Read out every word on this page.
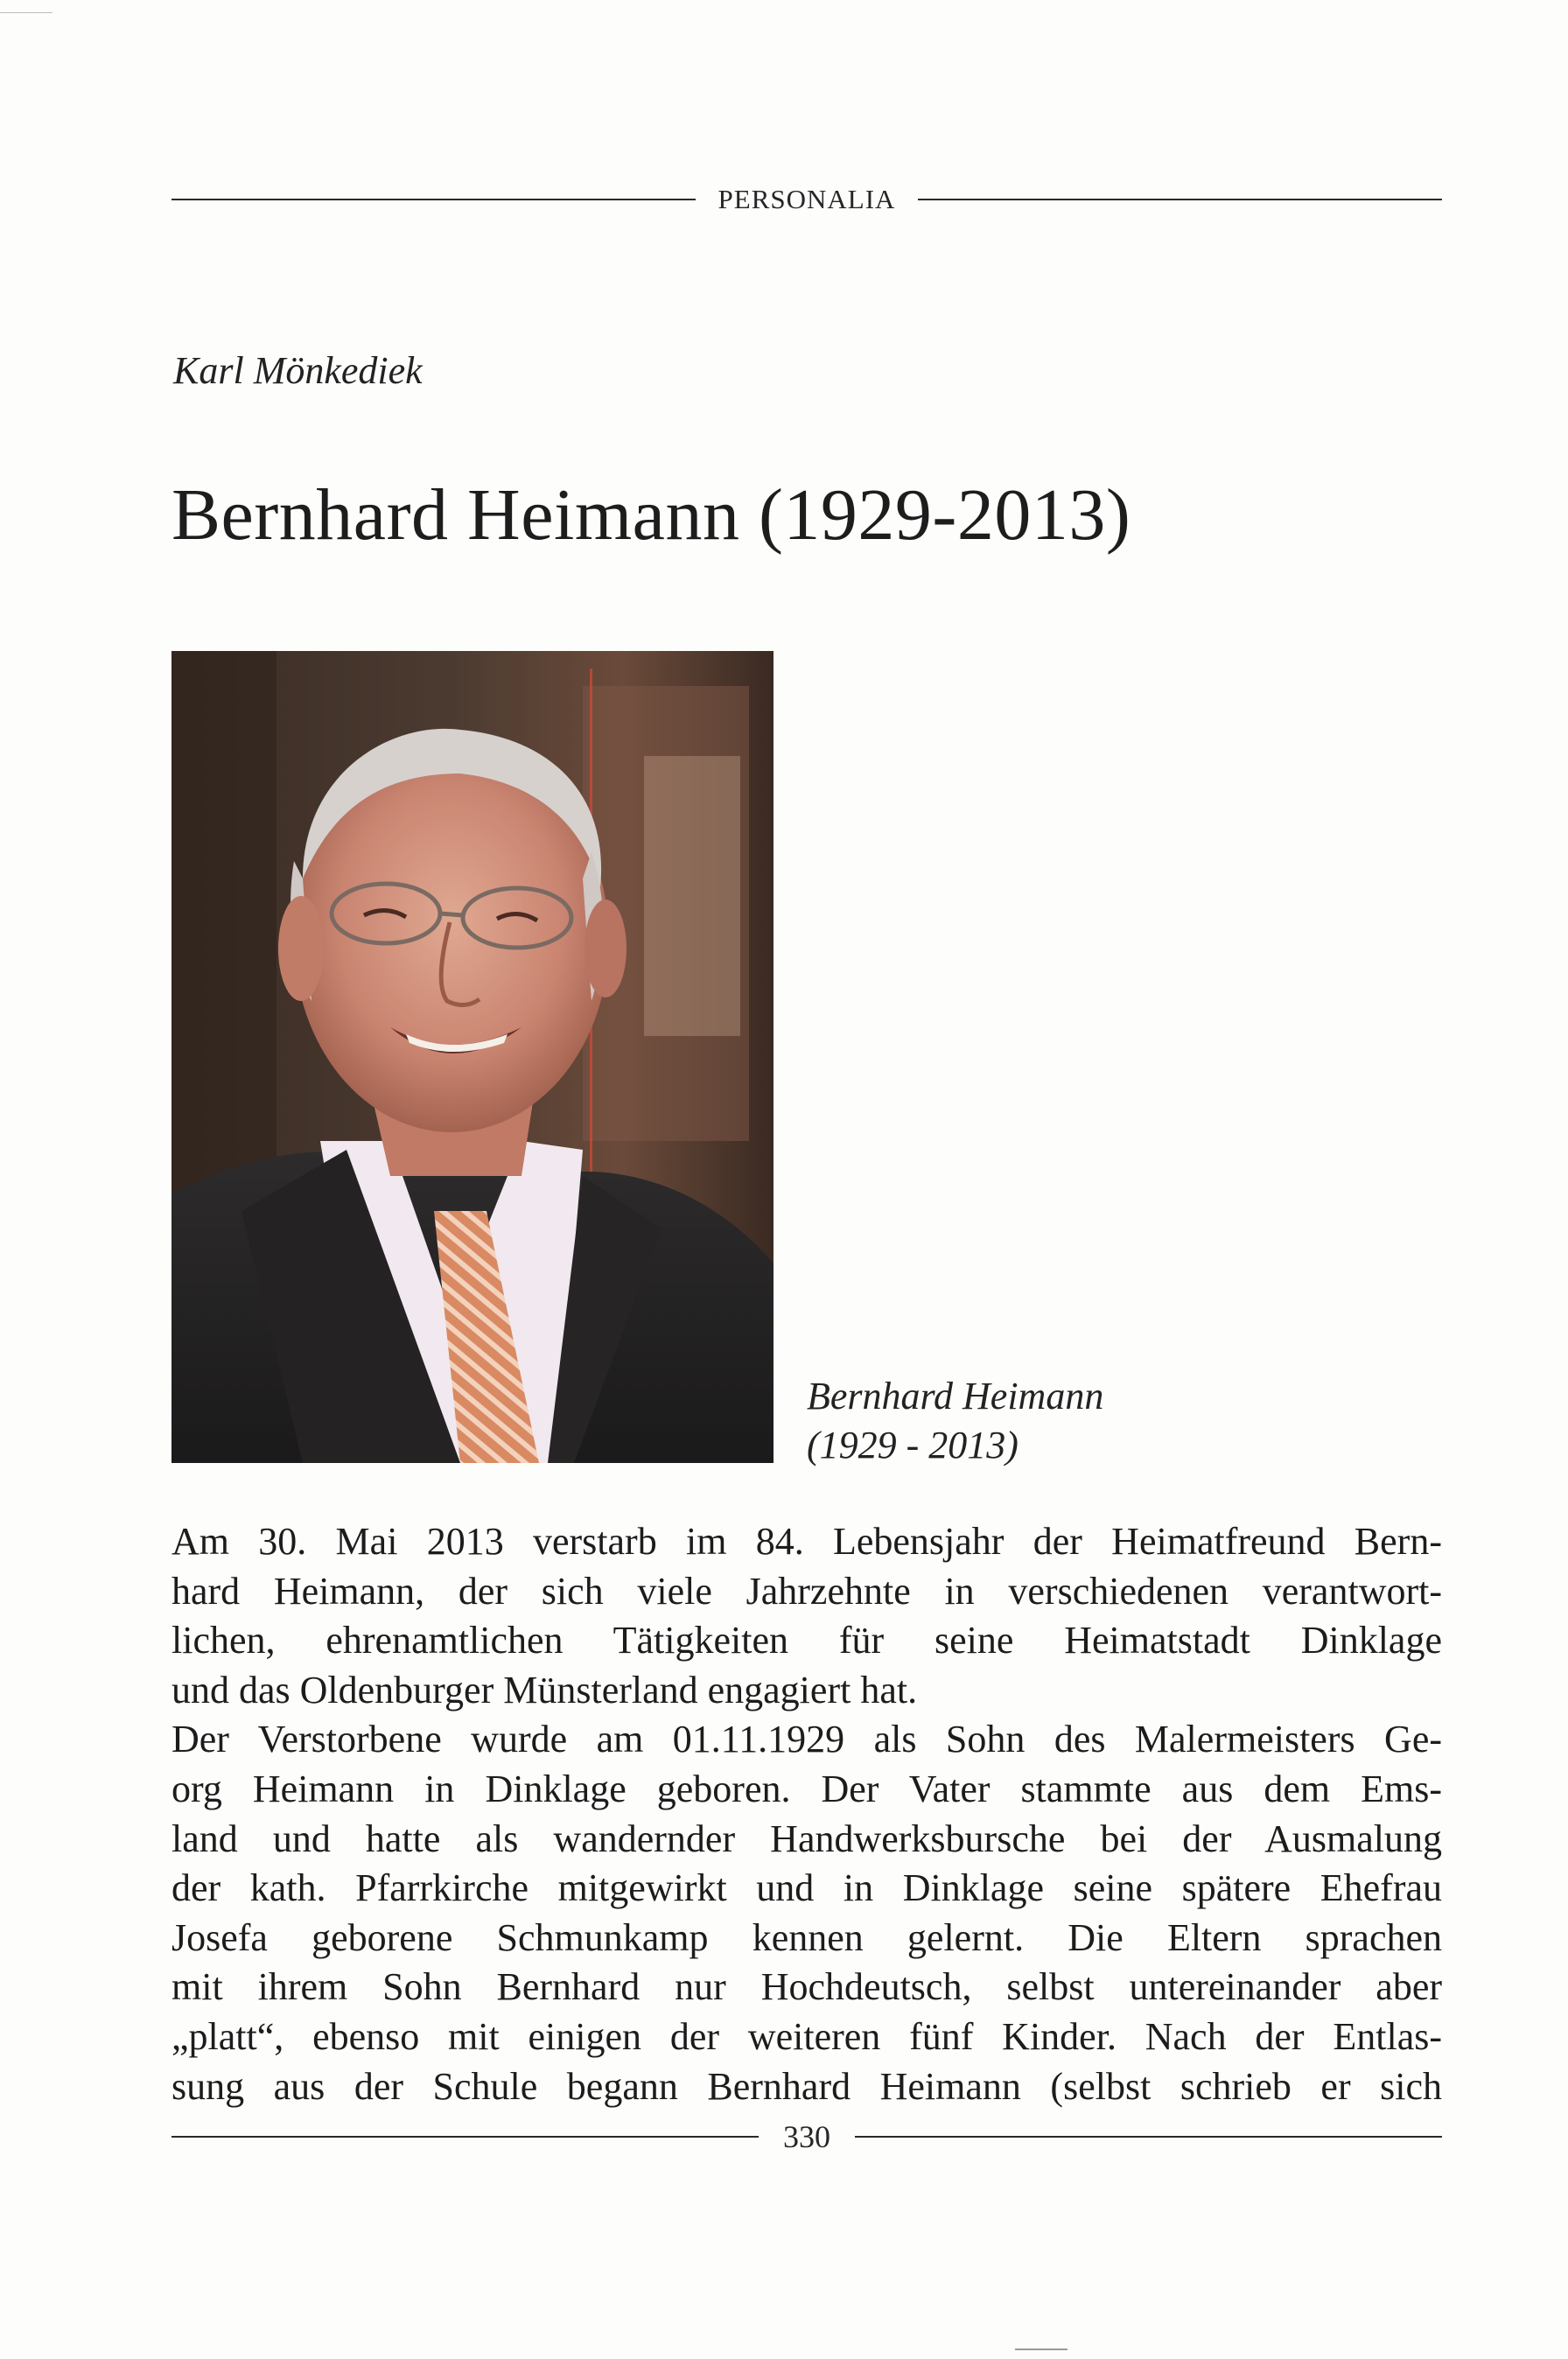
PERSONALIA
Karl Mönkediek
Bernhard Heimann (1929-2013)
Bernhard Heimann
(1929 - 2013)
Am 30. Mai 2013 verstarb im 84. Lebensjahr der Heimatfreund Bern-
hard Heimann, der sich viele Jahrzehnte in verschiedenen verantwort-
lichen, ehrenamtlichen Tätigkeiten für seine Heimatstadt Dinklage
und das Oldenburger Münsterland engagiert hat.
Der Verstorbene wurde am 01.11.1929 als Sohn des Malermeisters Ge-
org Heimann in Dinklage geboren. Der Vater stammte aus dem Ems-
land und hatte als wandernder Handwerksbursche bei der Ausmalung
der kath. Pfarrkirche mitgewirkt und in Dinklage seine spätere Ehefrau
Josefa geborene Schmunkamp kennen gelernt. Die Eltern sprachen
mit ihrem Sohn Bernhard nur Hochdeutsch, selbst untereinander aber
„platt“, ebenso mit einigen der weiteren fünf Kinder. Nach der Entlas-
sung aus der Schule begann Bernhard Heimann (selbst schrieb er sich
330
